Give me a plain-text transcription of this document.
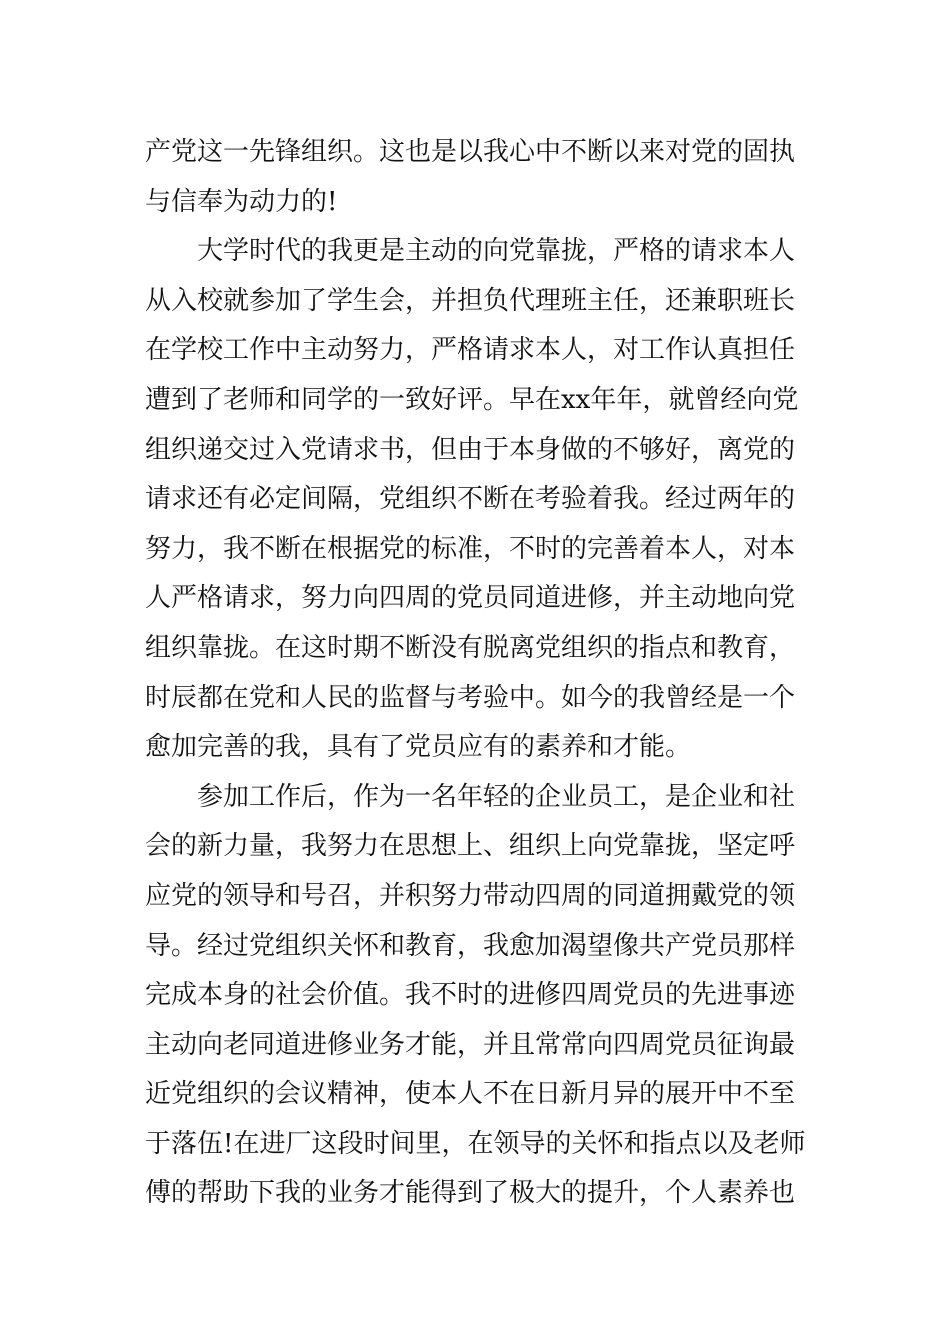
产党这一先锋组织。这也是以我心中不断以来对党的固执
与信奉为动力的!
大学时代的我更是主动的向党靠拢，严格的请求本人
从入校就参加了学生会，并担负代理班主任，还兼职班长
在学校工作中主动努力，严格请求本人，对工作认真担任
遭到了老师和同学的一致好评。早在xx年年，就曾经向党
组织递交过入党请求书，但由于本身做的不够好，离党的
请求还有必定间隔，党组织不断在考验着我。经过两年的
努力，我不断在根据党的标准，不时的完善着本人，对本
人严格请求，努力向四周的党员同道进修，并主动地向党
组织靠拢。在这时期不断没有脱离党组织的指点和教育，
时辰都在党和人民的监督与考验中。如今的我曾经是一个
愈加完善的我，具有了党员应有的素养和才能。
参加工作后，作为一名年轻的企业员工，是企业和社
会的新力量，我努力在思想上、组织上向党靠拢，坚定呼
应党的领导和号召，并积努力带动四周的同道拥戴党的领
导。经过党组织关怀和教育，我愈加渴望像共产党员那样
完成本身的社会价值。我不时的进修四周党员的先进事迹
主动向老同道进修业务才能，并且常常向四周党员征询最
近党组织的会议精神，使本人不在日新月异的展开中不至
于落伍!在进厂这段时间里，在领导的关怀和指点以及老师
傅的帮助下我的业务才能得到了极大的提升，个人素养也
